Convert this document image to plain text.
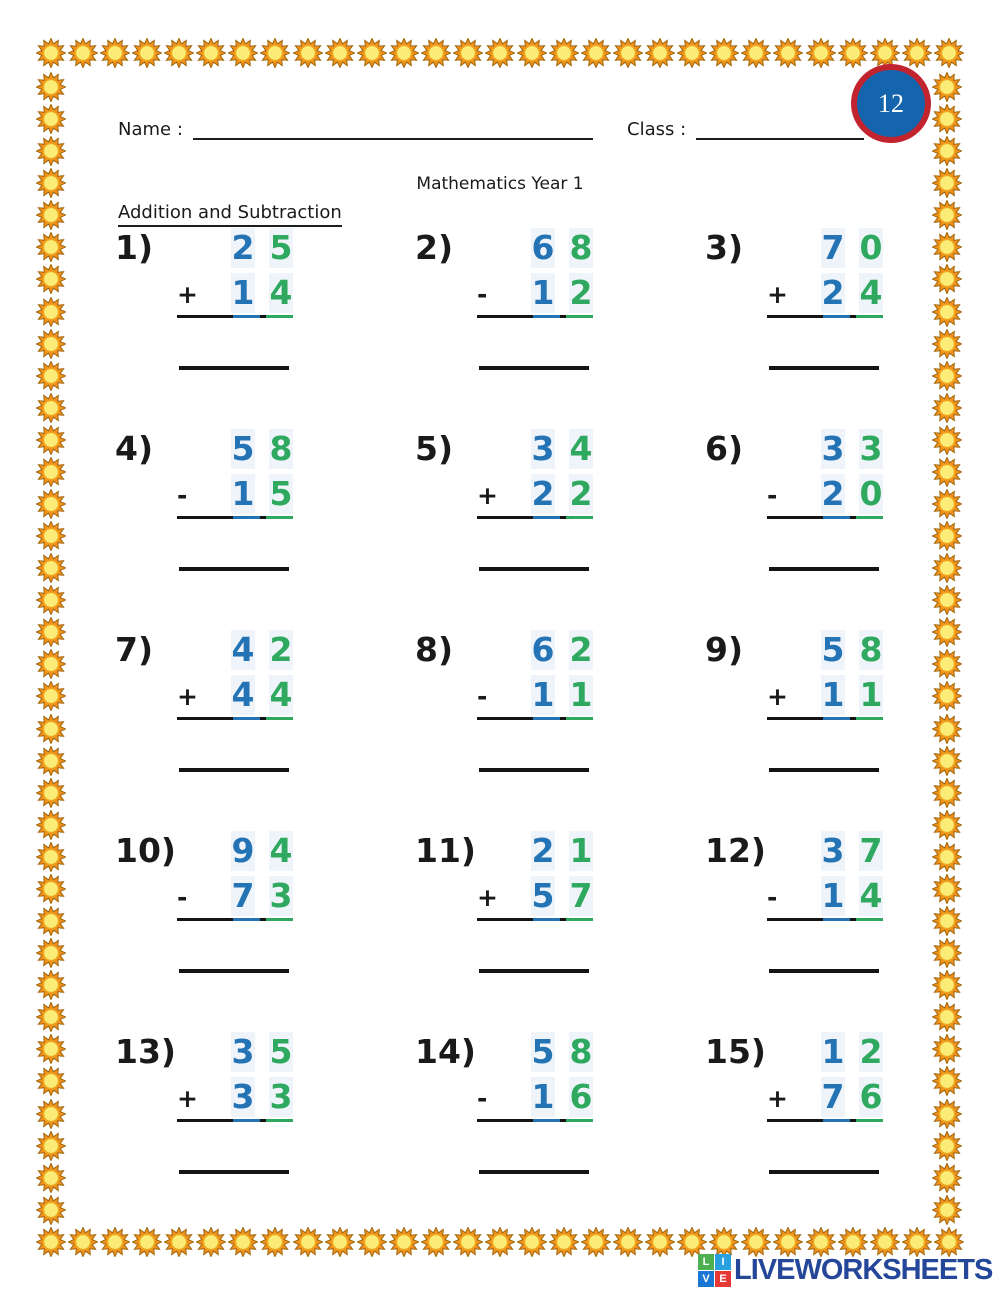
Name :	Class :
12
Mathematics Year 1
Addition and Subtraction
1) 2 5
+ 1 4
2) 6 8
- 1 2
3) 7 0
+ 2 4
4) 5 8
- 1 5
5) 3 4
+ 2 2
6) 3 3
- 2 0
7) 4 2
+ 4 4
8) 6 2
- 1 1
9) 5 8
+ 1 1
10) 9 4
- 7 3
11) 2 1
+ 5 7
12) 3 7
- 1 4
13) 3 5
+ 3 3
14) 5 8
- 1 6
15) 1 2
+ 7 6
L	I
V E LIVEWORKSHEETS
